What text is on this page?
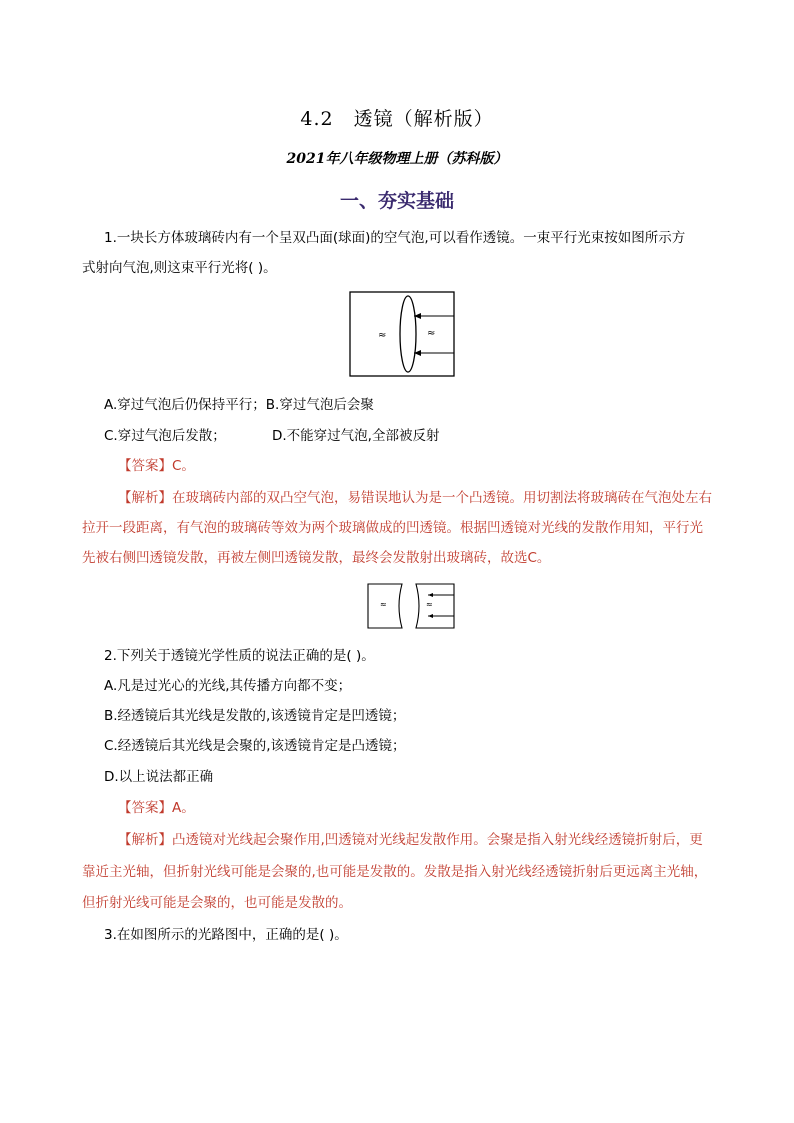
4.2　透镜（解析版）
2021年八年级物理上册（苏科版）
一、夯实基础
1.一块长方体玻璃砖内有一个呈双凸面(球面)的空气泡,可以看作透镜。一束平行光束按如图所示方
式射向气泡,则这束平行光将( )。
≈	≈
A.穿过气泡后仍保持平行；B.穿过气泡后会聚
C.穿过气泡后发散；	D.不能穿过气泡,全部被反射
【答案】C。
【解析】在玻璃砖内部的双凸空气泡，易错误地认为是一个凸透镜。用切割法将玻璃砖在气泡处左右
拉开一段距离，有气泡的玻璃砖等效为两个玻璃做成的凹透镜。根据凹透镜对光线的发散作用知，平行光
先被右侧凹透镜发散，再被左侧凹透镜发散，最终会发散射出玻璃砖，故选C。
≈	≈
2.下列关于透镜光学性质的说法正确的是( )。
A.凡是过光心的光线,其传播方向都不变；
B.经透镜后其光线是发散的,该透镜肯定是凹透镜；
C.经透镜后其光线是会聚的,该透镜肯定是凸透镜；
D.以上说法都正确
【答案】A。
【解析】凸透镜对光线起会聚作用,凹透镜对光线起发散作用。会聚是指入射光线经透镜折射后，更
靠近主光轴，但折射光线可能是会聚的,也可能是发散的。发散是指入射光线经透镜折射后更远离主光轴，
但折射光线可能是会聚的，也可能是发散的。
3.在如图所示的光路图中，正确的是( )。
